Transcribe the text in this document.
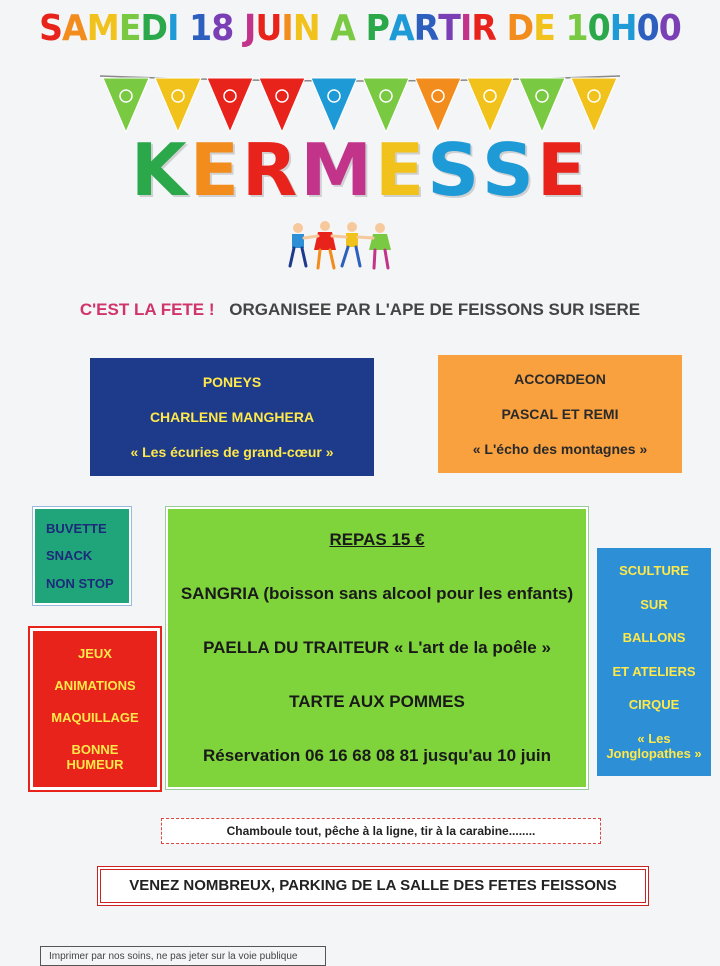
SAMEDI 18 JUIN A PARTIR DE 10H00
KERMESSE
C'EST LA FETE ! ORGANISEE PAR L'APE DE FEISSONS SUR ISERE
PONEYS
CHARLENE MANGHERA
« Les écuries de grand-cœur »
ACCORDEON
PASCAL ET REMI
« L'écho des montagnes »
BUVETTE
SNACK
NON STOP
JEUX
ANIMATIONS
MAQUILLAGE
BONNE HUMEUR
REPAS 15 €
SANGRIA (boisson sans alcool pour les enfants)
PAELLA DU TRAITEUR « L'art de la poêle »
TARTE AUX POMMES
Réservation 06 16 68 08 81 jusqu'au 10 juin
SCULTURE
SUR
BALLONS
ET ATELIERS
CIRQUE
« Les Jonglopathes »
Chamboule tout, pêche à la ligne, tir à la carabine........
VENEZ NOMBREUX, PARKING DE LA SALLE DES FETES FEISSONS
Imprimer par nos soins, ne pas jeter sur la voie publique
